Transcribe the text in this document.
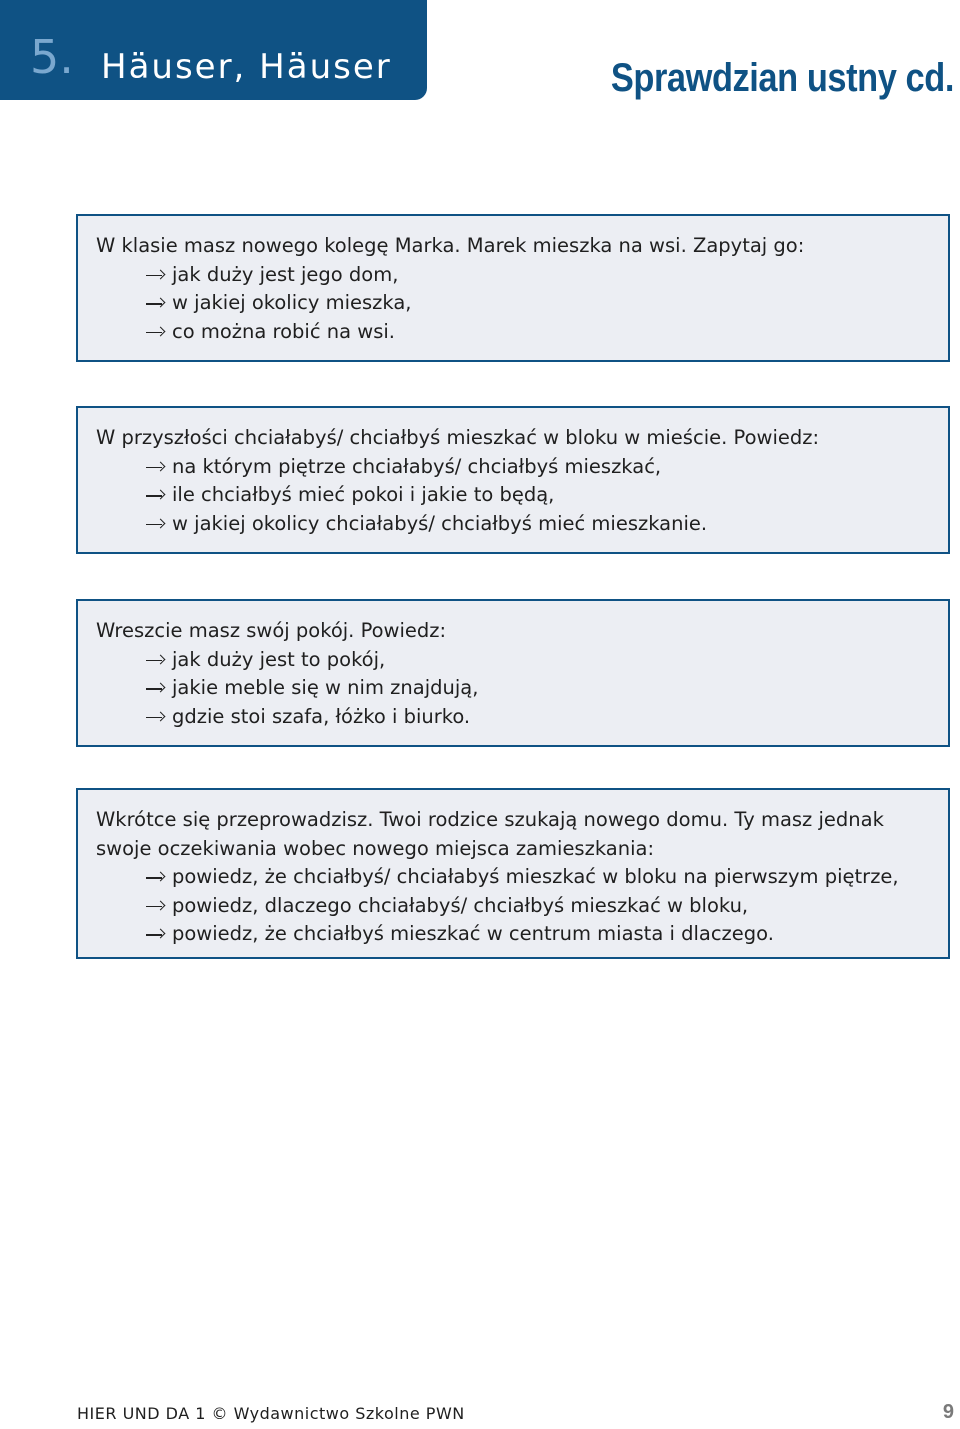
5. Häuser, Häuser	Sprawdzian ustny cd.

W klasie masz nowego kolegę Marka. Marek mieszka na wsi. Zapytaj go:

jak duży jest jego dom,
w jakiej okolicy mieszka,
co można robić na wsi.

W przyszłości chciałabyś/ chciałbyś mieszkać w bloku w mieście. Powiedz:

na którym piętrze chciałabyś/ chciałbyś mieszkać,
ile chciałbyś mieć pokoi i jakie to będą,
w jakiej okolicy chciałabyś/ chciałbyś mieć mieszkanie.

Wreszcie masz swój pokój. Powiedz:

jak duży jest to pokój,
jakie meble się w nim znajdują,
gdzie stoi szafa, łóżko i biurko.

Wkrótce się przeprowadzisz. Twoi rodzice szukają nowego domu. Ty masz jednak swoje oczekiwania wobec nowego miejsca zamieszkania:

powiedz, że chciałbyś/ chciałabyś mieszkać w bloku na pierwszym piętrze,
powiedz, dlaczego chciałabyś/ chciałbyś mieszkać w bloku,
powiedz, że chciałbyś mieszkać w centrum miasta i dlaczego.
HIER UND DA 1 © Wydawnictwo Szkolne PWN	9
